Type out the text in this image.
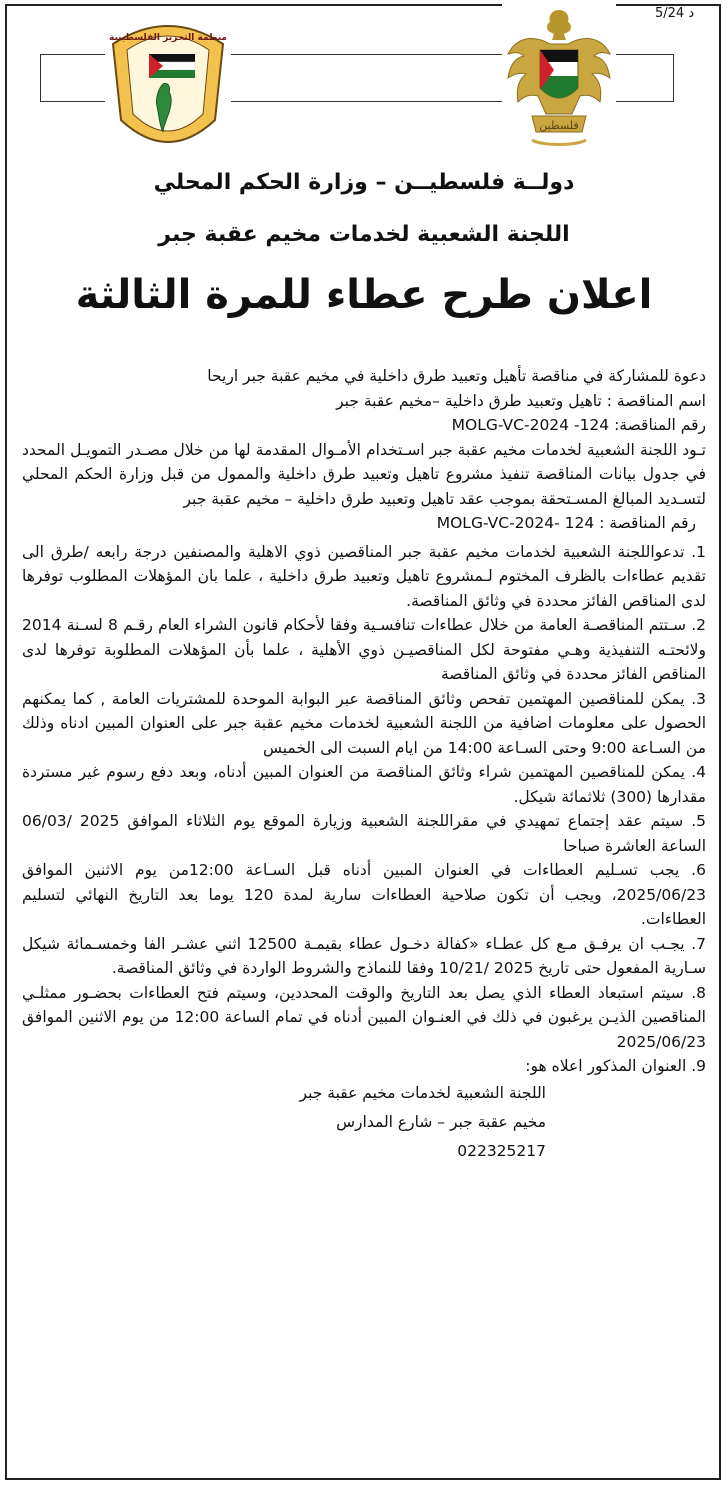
5/24 د
فلسطين
منظمة التحرير الفلسطينية
دولــة فلسطيــن – وزارة الحكم المحلي
اللجنة الشعبية لخدمات مخيم عقبة جبر
اعلان طرح عطاء للمرة الثالثة

دعوة للمشاركة في مناقصة تأهيل وتعبيد طرق داخلية في مخيم عقبة جبر اريحا

اسم المناقصة : تاهيل وتعبيد طرق داخلية –مخيم عقبة جبر

رقم المناقصة: 124- MOLG-VC-2024

تـود اللجنة الشعبية لخدمات مخيم عقبة جبر اسـتخدام الأمـوال المقدمة لها من خلال مصـدر التمويـل المحدد في جدول بيانات المناقصة تنفيذ مشروع تاهيل وتعبيد طرق داخلية والممول من قبل وزارة الحكم المحلي لتسـديد المبالغ المسـتحقة بموجب عقد تاهيل وتعبيد طرق داخلية – مخيم عقبة جبر

رقم المناقصة : 124 -MOLG-VC-2024

1. تدعواللجنة الشعبية لخدمات مخيم عقبة جبر المناقصين ذوي الاهلية والمصنفين درجة رابعه /طرق الى تقديم عطاءات بالظرف المختوم لـمشروع تاهيل وتعبيد طرق داخلية ، علما بان المؤهلات المطلوب توفرها لدى المناقص الفائز محددة في وثائق المناقصة.

2. سـتتم المناقصـة العامة من خلال عطاءات تنافسـية وفقا لأحكام قانون الشراء العام رقـم 8 لسـنة 2014 ولائحتـه التنفيذية وهـي مفتوحة لكل المناقصيـن ذوي الأهلية ، علما بأن المؤهلات المطلوبة توفرها لدى المناقص الفائز محددة في وثائق المناقصة

3. يمكن للمناقصين المهتمين تفحص وثائق المناقصة عبر البوابة الموحدة للمشتريات العامة , كما يمكنهم الحصول على معلومات اضافية من اللجنة الشعبية لخدمات مخيم عقبة جبر على العنوان المبين ادناه وذلك من السـاعة 9:00 وحتى السـاعة 14:00 من ايام السبت الى الخميس

4. يمكن للمناقصين المهتمين شراء وثائق المناقصة من العنوان المبين أدناه، وبعد دفع رسوم غير مستردة مقدارها (300) ثلاثمائة شيكل.

5. سيتم عقد إجتماع تمهيدي في مقراللجنة الشعبية وزيارة الموقع يوم الثلاثاء الموافق 2025 /06/03 الساعة العاشرة صباحا

6. يجب تسـليم العطاءات في العنوان المبين أدناه قبل السـاعة 12:00من يوم الاثنين الموافق 2025/06/23، ويجب أن تكون صلاحية العطاءات سارية لمدة 120 يوما بعد التاريخ النهائي لتسليم العطاءات.

7. يجـب ان يرفـق مـع كل عطـاء «كفالة دخـول عطاء بقيمـة 12500 اثني عشـر الفا وخمسـمائة شيكل سـارية المفعول حتى تاريخ 2025 /10/21 وفقا للنماذج والشروط الواردة في وثائق المناقصة.

8. سيتم استبعاد العطاء الذي يصل بعد التاريخ والوقت المحددين، وسيتم فتح العطاءات بحضـور ممثلـي المناقصين الذيـن يرغبون في ذلك في العنـوان المبين أدناه في تمام الساعة 12:00 من يوم الاثنين الموافق 2025/06/23

9. العنوان المذكور اعلاه هو:

اللجنة الشعبية لخدمات مخيم عقبة جبر
مخيم عقبة جبر – شارع المدارس
022325217
